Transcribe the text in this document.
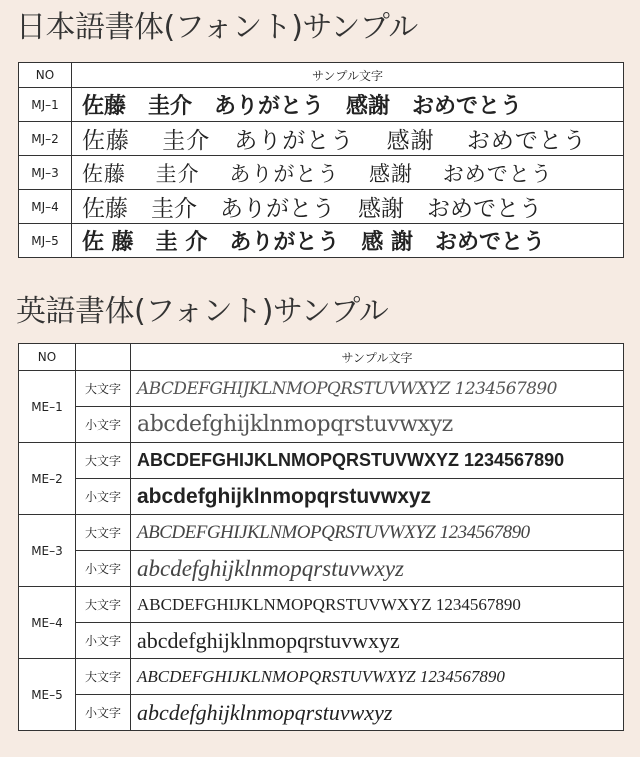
日本語書体(フォント)サンプル
NO	サンプル文字
MJ–1	佐藤　圭介　ありがとう　感謝　おめでとう
MJ–2	佐藤　 圭介　ありがとう　 感謝　 おめでとう
MJ–3	佐藤　 圭介　 ありがとう　 感謝　 おめでとう
MJ–4	佐藤　圭介　ありがとう　感謝　おめでとう
MJ–5	佐 藤　圭 介　ありがとう　感 謝　おめでとう
英語書体(フォント)サンプル
NO		サンプル文字
ME–1	大文字	ABCDEFGHIJKLNMOPQRSTUVWXYZ 1234567890
	小文字	abcdefghijklnmopqrstuvwxyz
ME–2	大文字	ABCDEFGHIJKLNMOPQRSTUVWXYZ 1234567890
	小文字	abcdefghijklnmopqrstuvwxyz
ME–3	大文字	ABCDEFGHIJKLNMOPQRSTUVWXYZ 1234567890
	小文字	abcdefghijklnmopqrstuvwxyz
ME–4	大文字	ABCDEFGHIJKLNMOPQRSTUVWXYZ 1234567890
	小文字	abcdefghijklnmopqrstuvwxyz
ME–5	大文字	ABCDEFGHIJKLNMOPQRSTUVWXYZ 1234567890
	小文字	abcdefghijklnmopqrstuvwxyz
